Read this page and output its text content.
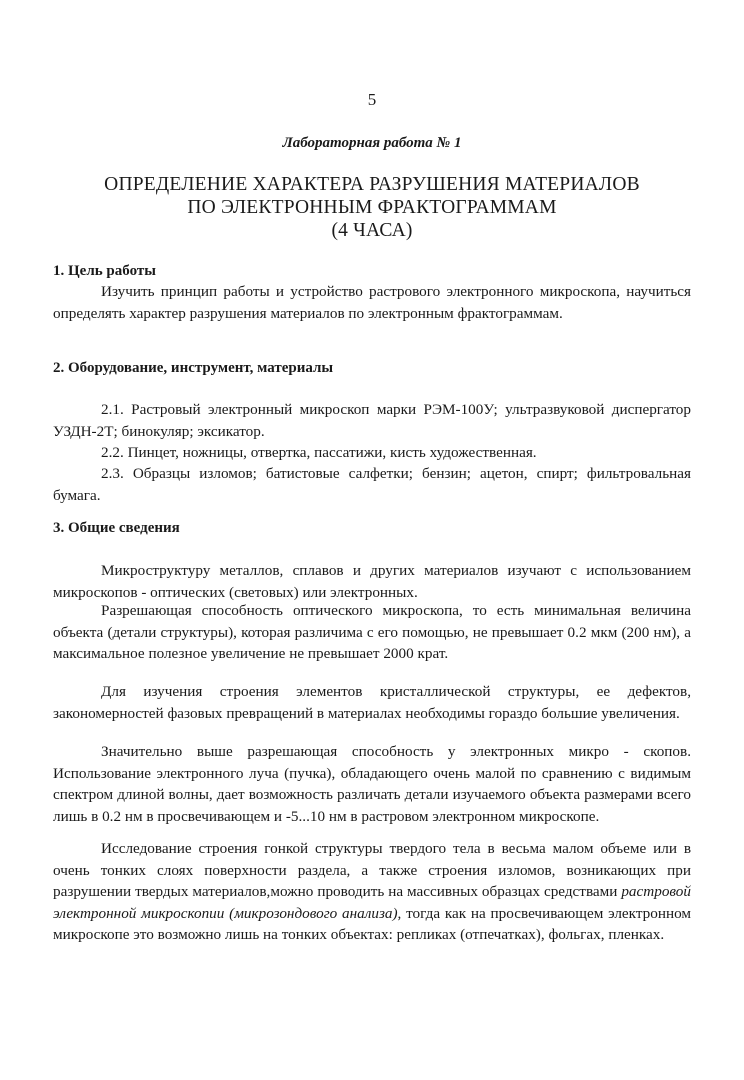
5
Лабораторная работа № 1
ОПРЕДЕЛЕНИЕ ХАРАКТЕРА РАЗРУШЕНИЯ МАТЕРИАЛОВ
ПО ЭЛЕКТРОННЫМ ФРАКТОГРАММАМ
(4 ЧАСА)
1. Цель работы
Изучить принцип работы и устройство растрового электронного микроскопа, научиться определять характер разрушения материалов по электронным фрактограммам.
2. Оборудование, инструмент, материалы
2.1. Растровый электронный микроскоп марки РЭМ-100У; ультразвуковой диспергатор УЗДН-2Т; бинокуляр; эксикатор.
2.2. Пинцет, ножницы, отвертка, пассатижи, кисть художественная.
2.3. Образцы изломов; батистовые салфетки; бензин; ацетон, спирт; фильтровальная бумага.
3. Общие сведения
Микроструктуру металлов, сплавов и других материалов изучают с использованием микроскопов - оптических (световых) или электронных.
Разрешающая способность оптического микроскопа, то есть минимальная величина объекта (детали структуры), которая различима с его помощью, не превышает 0.2 мкм (200 нм), а максимальное полезное увеличение не превышает 2000 крат.
Для изучения строения элементов кристаллической структуры, ее дефектов, закономерностей фазовых превращений в материалах необходимы гораздо большие увеличения.
Значительно выше разрешающая способность у электронных микро - скопов. Использование электронного луча (пучка), обладающего очень малой по сравнению с видимым спектром длиной волны, дает возможность различать детали изучаемого объекта размерами всего лишь в 0.2 нм в просвечивающем и -5...10 нм в растровом электронном микроскопе.
Исследование строения гонкой структуры твердого тела в весьма малом объеме или в очень тонких слоях поверхности раздела, а также строения изломов, возникающих при разрушении твердых материалов,можно проводить на массивных образцах средствами растровой электронной микроскопии (микрозондового анализа), тогда как на просвечивающем электронном микроскопе это возможно лишь на тонких объектах: репликах (отпечатках), фольгах, пленках.
